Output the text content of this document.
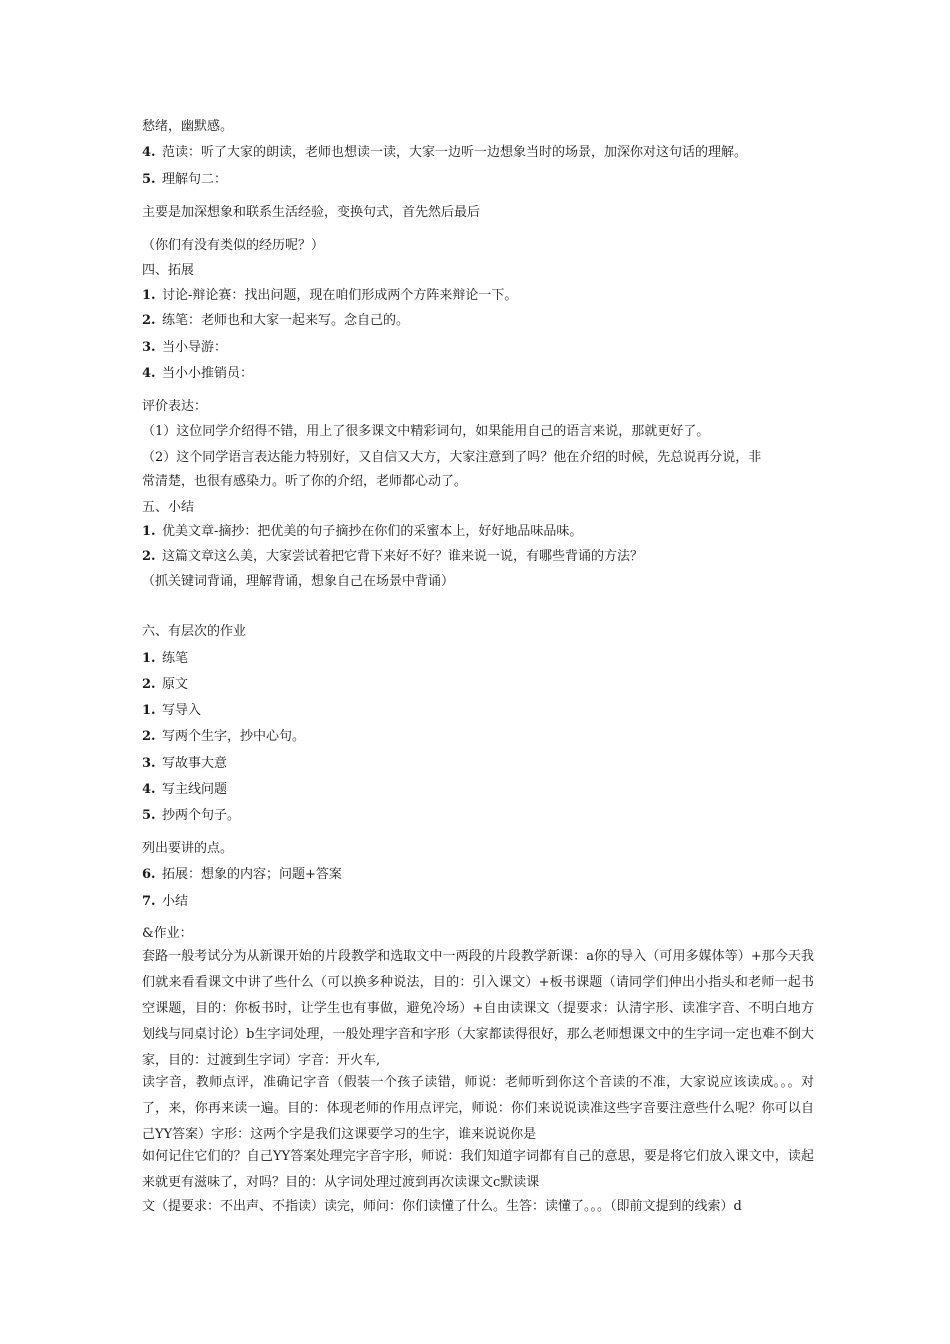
愁绪，幽默感。
4. 范读：听了大家的朗读，老师也想读一读，大家一边听一边想象当时的场景，加深你对这句话的理解。
5. 理解句二：
主要是加深想象和联系生活经验，变换句式，首先然后最后
（你们有没有类似的经历呢？）
四、拓展
1. 讨论-辩论赛：找出问题，现在咱们形成两个方阵来辩论一下。
2. 练笔：老师也和大家一起来写。念自己的。
3. 当小导游：
4. 当小小推销员：
评价表达：
（1）这位同学介绍得不错，用上了很多课文中精彩词句，如果能用自己的语言来说，那就更好了。
（2）这个同学语言表达能力特别好，又自信又大方，大家注意到了吗？他在介绍的时候，先总说再分说，非
常清楚，也很有感染力。听了你的介绍，老师都心动了。
五、小结
1. 优美文章-摘抄：把优美的句子摘抄在你们的采蜜本上，好好地品味品味。
2. 这篇文章这么美，大家尝试着把它背下来好不好？谁来说一说，有哪些背诵的方法？
（抓关键词背诵，理解背诵，想象自己在场景中背诵）
六、有层次的作业
1. 练笔
2. 原文
1. 写导入
2. 写两个生字，抄中心句。
3. 写故事大意
4. 写主线问题
5. 抄两个句子。
列出要讲的点。
6. 拓展：想象的内容；问题+答案
7. 小结
&作业：
套路一般考试分为从新课开始的片段教学和选取文中一两段的片段教学新课：a你的导入（可用多媒体等）+那今天我们就来看看课文中讲了些什么（可以换多种说法，目的：引入课文）+板书课题（请同学们伸出小指头和老师一起书空课题，目的：你板书时，让学生也有事做，避免冷场）+自由读课文（提要求：认清字形、读准字音、不明白地方划线与同桌讨论）b生字词处理，一般处理字音和字形（大家都读得很好，那么老师想课文中的生字词一定也难不倒大家，目的：过渡到生字词）字音：开火车,
读字音，教师点评，准确记字音（假装一个孩子读错，师说：老师听到你这个音读的不准，大家说应该读成。。。对了，来，你再来读一遍。目的：体现老师的作用点评完，师说：你们来说说读准这些字音要注意些什么呢？你可以自己YY答案）字形：这两个字是我们这课要学习的生字，谁来说说你是
如何记住它们的？自己YY答案处理完字音字形，师说：我们知道字词都有自己的意思，要是将它们放入课文中，读起来就更有滋味了，对吗？目的：从字词处理过渡到再次读课文c默读课
文（提要求：不出声、不指读）读完，师问：你们读懂了什么。生答：读懂了。。。（即前文提到的线索）d
